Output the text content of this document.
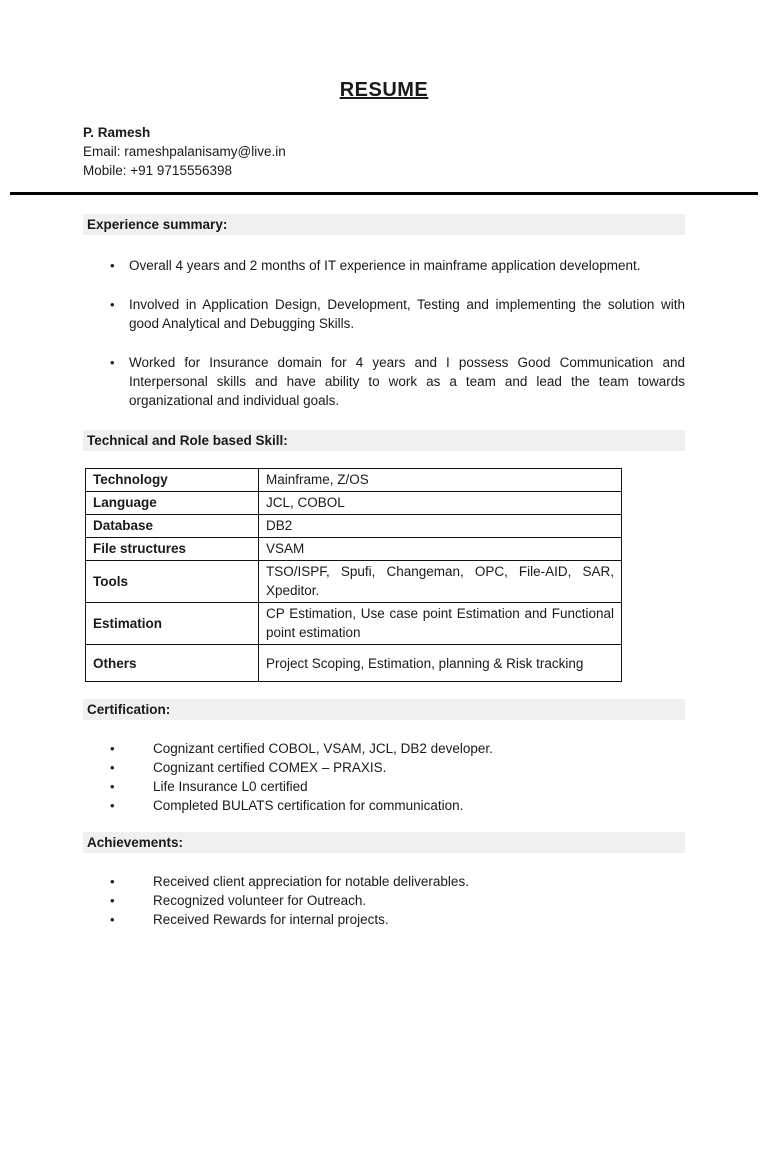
RESUME
P. Ramesh
Email: rameshpalanisamy@live.in
Mobile: +91 9715556398
Experience summary:
•	Overall 4 years and 2 months of IT experience in mainframe application development.
•	Involved in Application Design, Development, Testing and implementing the solution with good Analytical and Debugging Skills.
•	Worked for Insurance domain for 4 years and I possess Good Communication and Interpersonal skills and have ability to work as a team and lead the team towards organizational and individual goals.
Technical and Role based Skill:
Technology	Mainframe, Z/OS
Language	JCL, COBOL
Database	DB2
File structures	VSAM
Tools	TSO/ISPF, Spufi, Changeman, OPC, File-AID, SAR, Xpeditor.
Estimation	CP Estimation, Use case point Estimation and Functional point estimation
Others	Project Scoping, Estimation, planning & Risk tracking
Certification:
•	Cognizant certified COBOL, VSAM, JCL, DB2 developer.
•	Cognizant certified COMEX – PRAXIS.
•	Life Insurance L0 certified
•	Completed BULATS certification for communication.
Achievements:
•	Received client appreciation for notable deliverables.
•	Recognized volunteer for Outreach.
•	Received Rewards for internal projects.
